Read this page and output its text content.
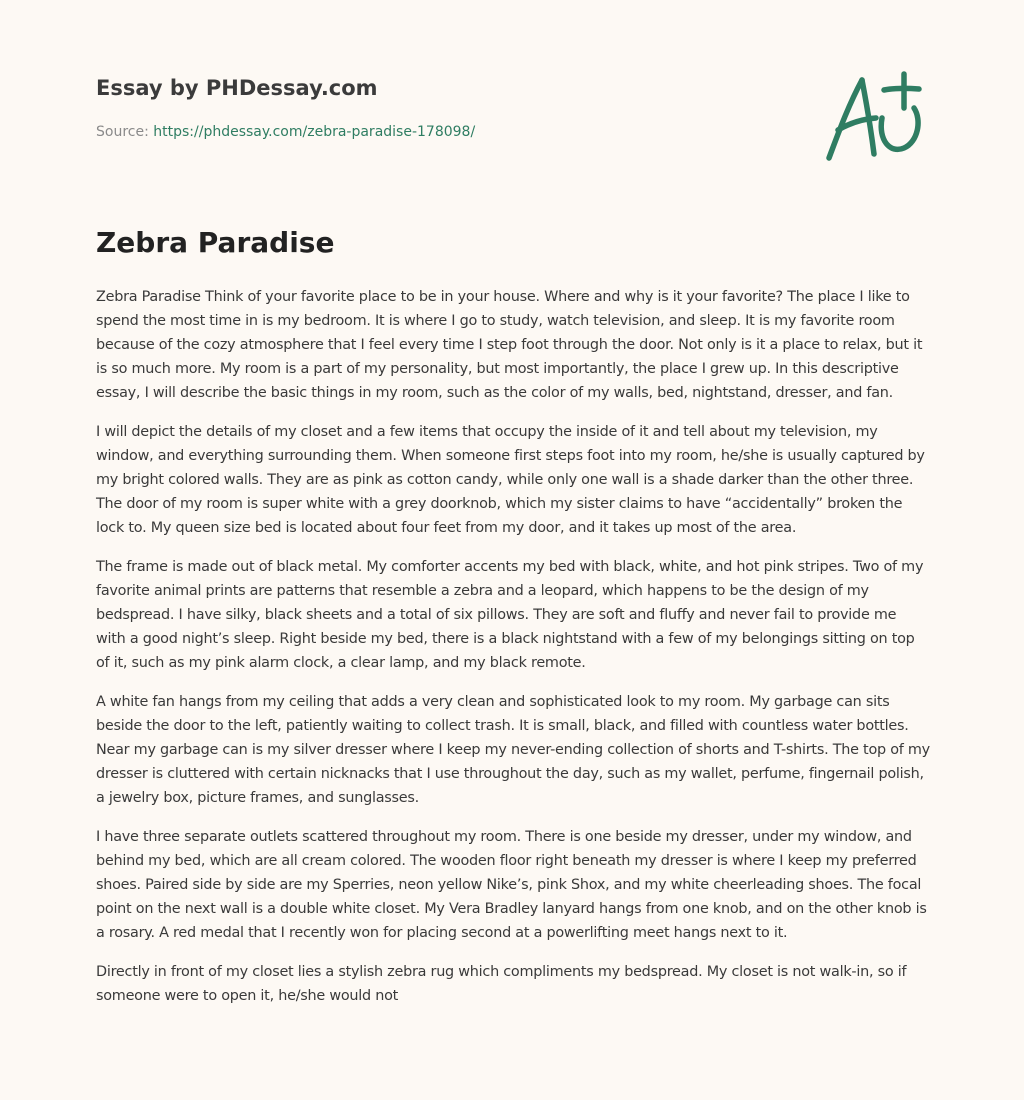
Essay by PHDessay.com
Source: https://phdessay.com/zebra-paradise-178098/
Zebra Paradise

Zebra Paradise Think of your favorite place to be in your house. Where and why is it your favorite? The place I like to spend the most time in is my bedroom. It is where I go to study, watch television, and sleep. It is my favorite room because of the cozy atmosphere that I feel every time I step foot through the door. Not only is it a place to relax, but it is so much more. My room is a part of my personality, but most importantly, the place I grew up. In this descriptive essay, I will describe the basic things in my room, such as the color of my walls, bed, nightstand, dresser, and fan.

I will depict the details of my closet and a few items that occupy the inside of it and tell about my television, my window, and everything surrounding them. When someone first steps foot into my room, he/she is usually captured by my bright colored walls. They are as pink as cotton candy, while only one wall is a shade darker than the other three. The door of my room is super white with a grey doorknob, which my sister claims to have “accidentally” broken the lock to. My queen size bed is located about four feet from my door, and it takes up most of the area.

The frame is made out of black metal. My comforter accents my bed with black, white, and hot pink stripes. Two of my favorite animal prints are patterns that resemble a zebra and a leopard, which happens to be the design of my bedspread. I have silky, black sheets and a total of six pillows. They are soft and fluffy and never fail to provide me with a good night’s sleep. Right beside my bed, there is a black nightstand with a few of my belongings sitting on top of it, such as my pink alarm clock, a clear lamp, and my black remote.

A white fan hangs from my ceiling that adds a very clean and sophisticated look to my room. My garbage can sits beside the door to the left, patiently waiting to collect trash. It is small, black, and filled with countless water bottles. Near my garbage can is my silver dresser where I keep my never-ending collection of shorts and T-shirts. The top of my dresser is cluttered with certain nicknacks that I use throughout the day, such as my wallet, perfume, fingernail polish, a jewelry box, picture frames, and sunglasses.

I have three separate outlets scattered throughout my room. There is one beside my dresser, under my window, and behind my bed, which are all cream colored. The wooden floor right beneath my dresser is where I keep my preferred shoes. Paired side by side are my Sperries, neon yellow Nike’s, pink Shox, and my white cheerleading shoes. The focal point on the next wall is a double white closet. My Vera Bradley lanyard hangs from one knob, and on the other knob is a rosary. A red medal that I recently won for placing second at a powerlifting meet hangs next to it.

Directly in front of my closet lies a stylish zebra rug which compliments my bedspread. My closet is not walk-in, so if someone were to open it, he/she would not
